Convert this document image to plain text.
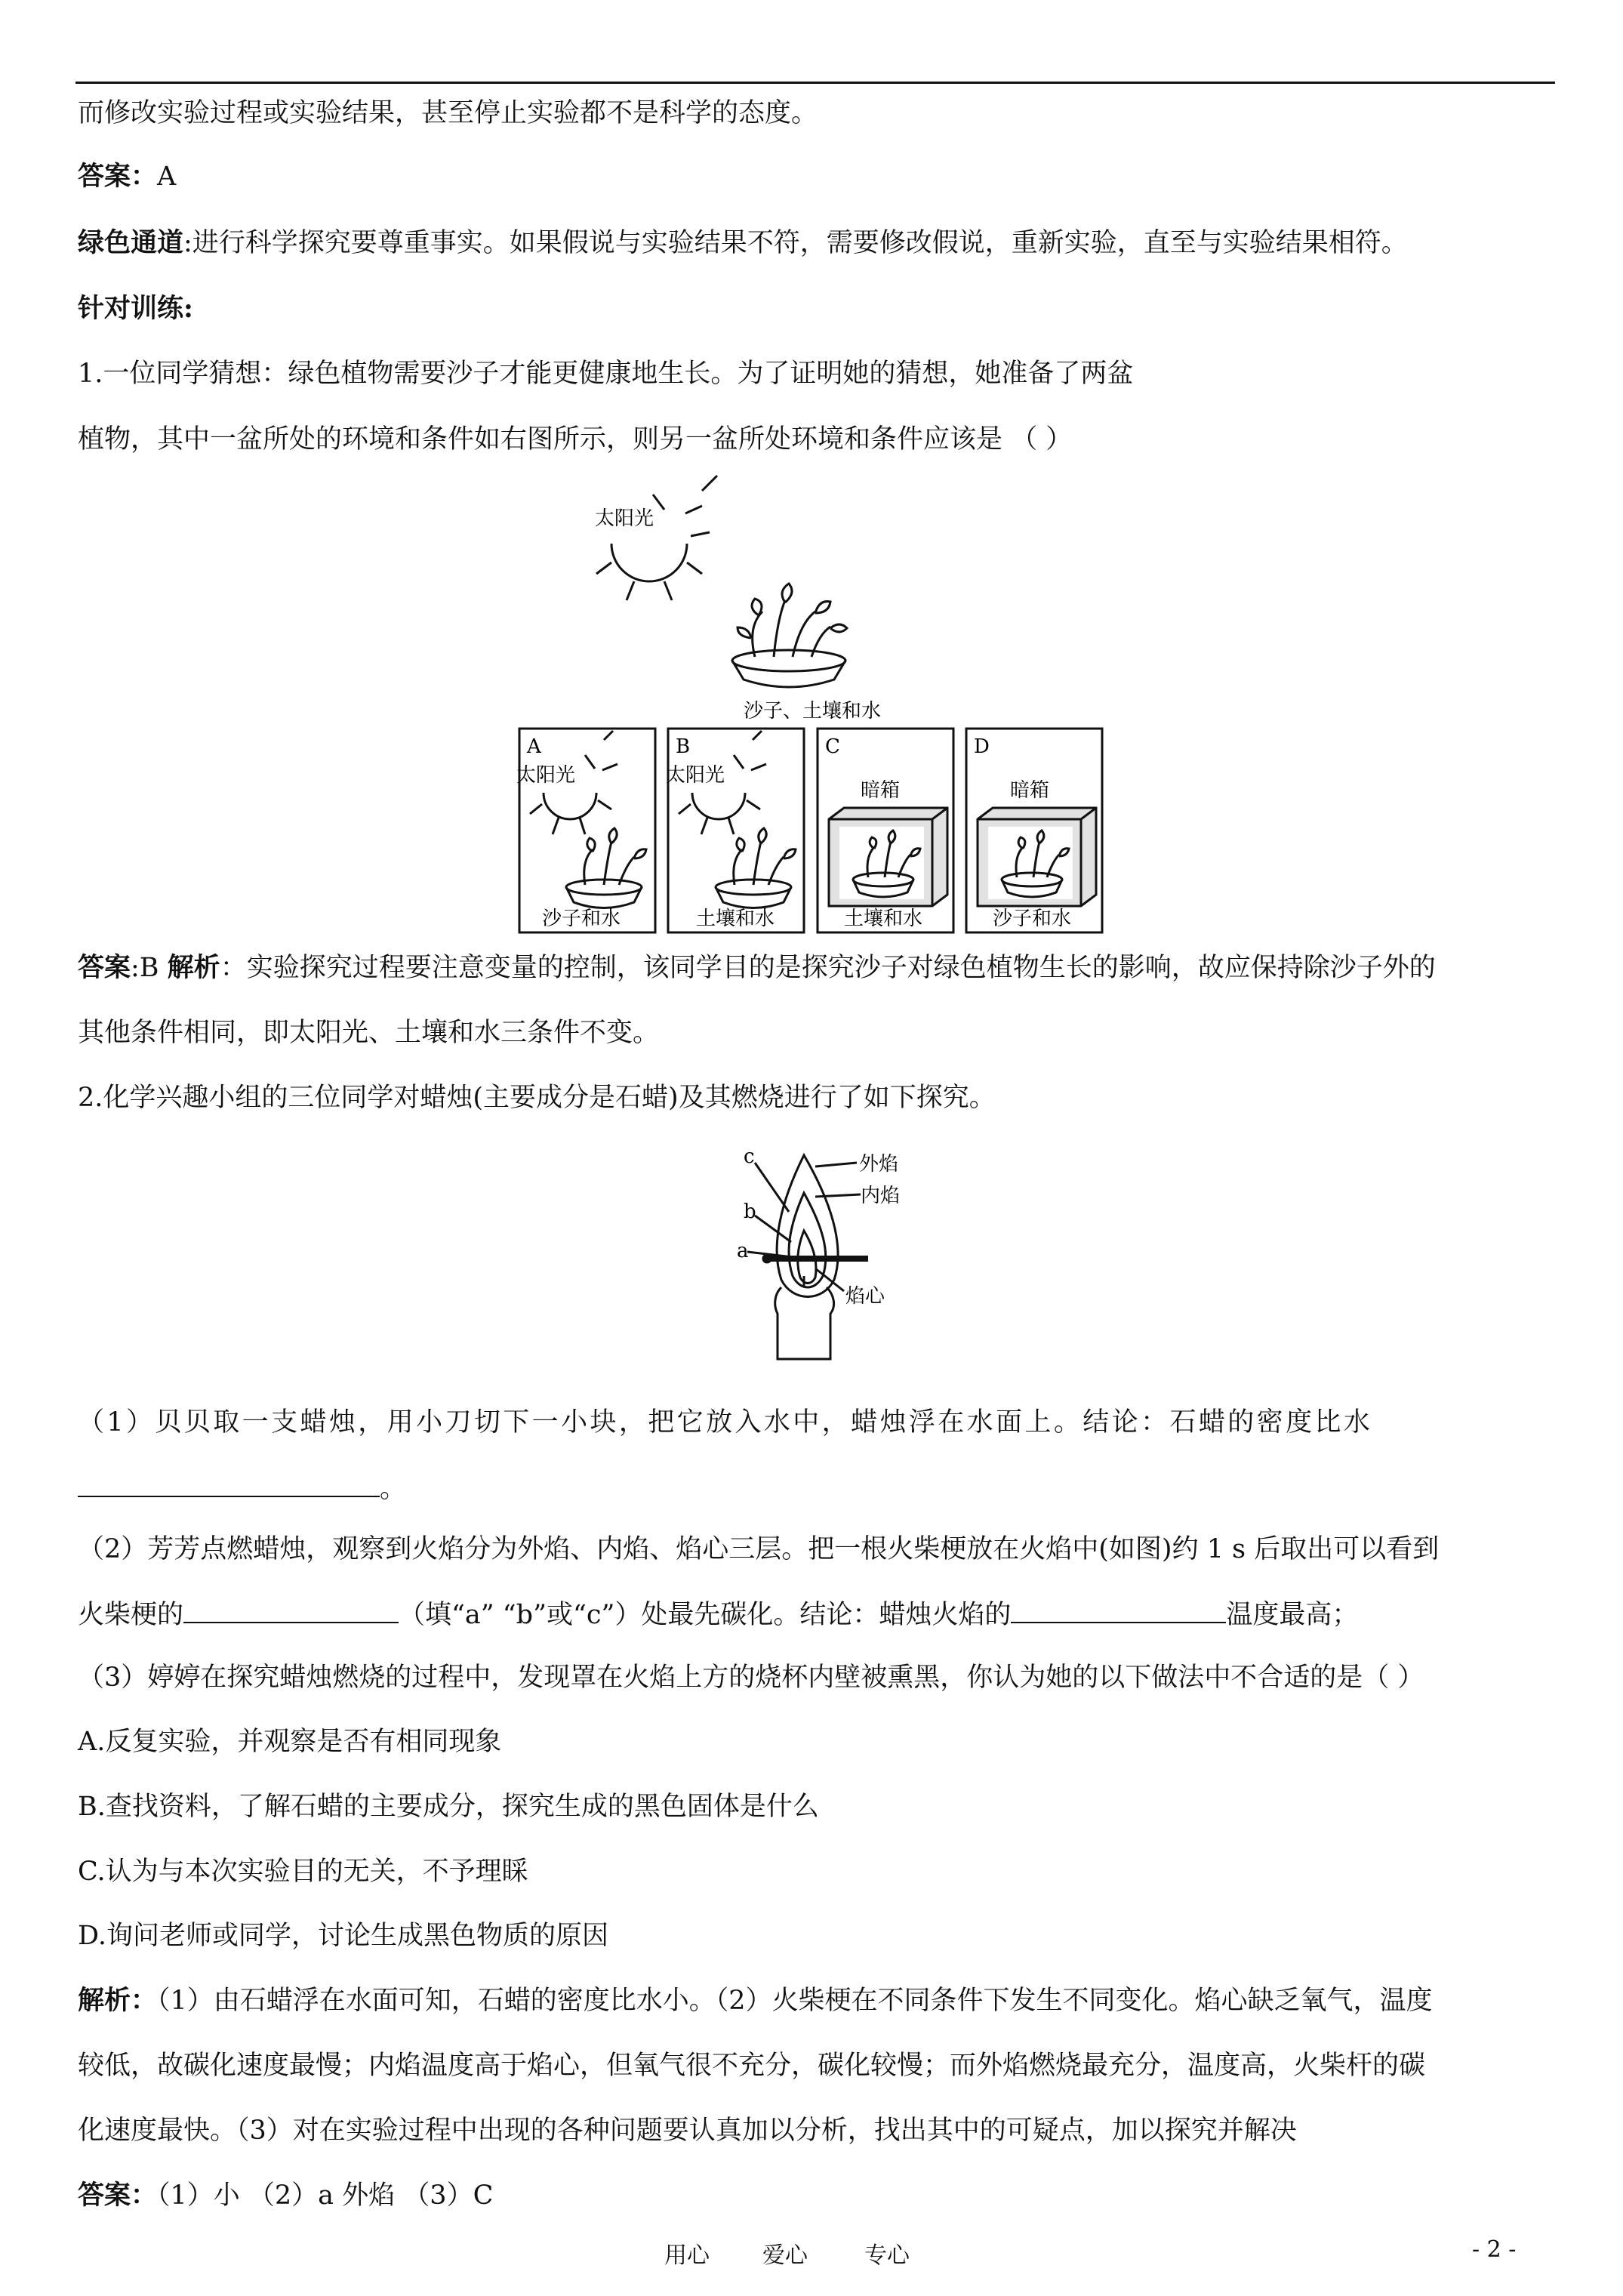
而修改实验过程或实验结果，甚至停止实验都不是科学的态度。
答案：A
绿色通道:进行科学探究要尊重事实。如果假说与实验结果不符，需要修改假说，重新实验，直至与实验结果相符。
针对训练:
1.一位同学猜想：绿色植物需要沙子才能更健康地生长。为了证明她的猜想，她准备了两盆
植物，其中一盆所处的环境和条件如右图所示，则另一盆所处环境和条件应该是 （ ）
太阳光
沙子、土壤和水
A
太阳光
沙子和水
B
太阳光
土壤和水
C
暗箱
土壤和水
D
暗箱
沙子和水
答案:B 解析：实验探究过程要注意变量的控制，该同学目的是探究沙子对绿色植物生长的影响，故应保持除沙子外的
其他条件相同，即太阳光、土壤和水三条件不变。
2.化学兴趣小组的三位同学对蜡烛(主要成分是石蜡)及其燃烧进行了如下探究。
c
b
a
外焰
内焰
焰心
（1）贝贝取一支蜡烛，用小刀切下一小块，把它放入水中，蜡烛浮在水面上。结论：石蜡的密度比水
。
（2）芳芳点燃蜡烛，观察到火焰分为外焰、内焰、焰心三层。把一根火柴梗放在火焰中(如图)约 1 s 后取出可以看到
火柴梗的	（填“a” “b”或“c”）处最先碳化。结论：蜡烛火焰的	温度最高；
（3）婷婷在探究蜡烛燃烧的过程中，发现罩在火焰上方的烧杯内壁被熏黑，你认为她的以下做法中不合适的是（ ）
A.反复实验，并观察是否有相同现象
B.查找资料，了解石蜡的主要成分，探究生成的黑色固体是什么
C.认为与本次实验目的无关，不予理睬
D.询问老师或同学，讨论生成黑色物质的原因
解析：（1）由石蜡浮在水面可知，石蜡的密度比水小。（2）火柴梗在不同条件下发生不同变化。焰心缺乏氧气，温度
较低，故碳化速度最慢；内焰温度高于焰心，但氧气很不充分，碳化较慢；而外焰燃烧最充分，温度高，火柴杆的碳
化速度最快。（3）对在实验过程中出现的各种问题要认真加以分析，找出其中的可疑点，加以探究并解决
答案：（1）小 （2）a 外焰 （3）C
用心 爱心	专心	- 2 -
